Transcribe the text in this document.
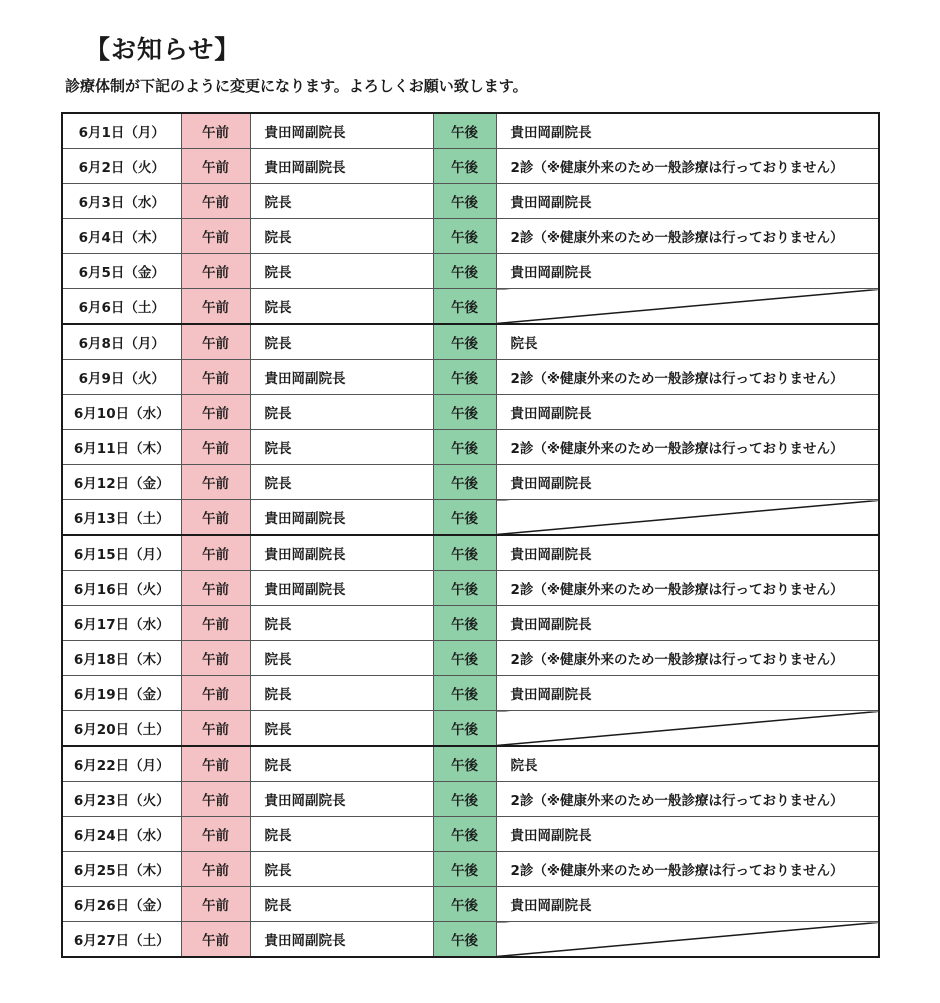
【お知らせ】
診療体制が下記のように変更になります。よろしくお願い致します。
6月1日（月）	午前	貴田岡副院長	午後	貴田岡副院長
6月2日（火）	午前	貴田岡副院長	午後	2診（※健康外来のため一般診療は行っておりません）
6月3日（水）	午前	院長	午後	貴田岡副院長
6月4日（木）	午前	院長	午後	2診（※健康外来のため一般診療は行っておりません）
6月5日（金）	午前	院長	午後	貴田岡副院長
6月6日（土）	午前	院長	午後	
6月8日（月）	午前	院長	午後	院長
6月9日（火）	午前	貴田岡副院長	午後	2診（※健康外来のため一般診療は行っておりません）
6月10日（水）	午前	院長	午後	貴田岡副院長
6月11日（木）	午前	院長	午後	2診（※健康外来のため一般診療は行っておりません）
6月12日（金）	午前	院長	午後	貴田岡副院長
6月13日（土）	午前	貴田岡副院長	午後	
6月15日（月）	午前	貴田岡副院長	午後	貴田岡副院長
6月16日（火）	午前	貴田岡副院長	午後	2診（※健康外来のため一般診療は行っておりません）
6月17日（水）	午前	院長	午後	貴田岡副院長
6月18日（木）	午前	院長	午後	2診（※健康外来のため一般診療は行っておりません）
6月19日（金）	午前	院長	午後	貴田岡副院長
6月20日（土）	午前	院長	午後	
6月22日（月）	午前	院長	午後	院長
6月23日（火）	午前	貴田岡副院長	午後	2診（※健康外来のため一般診療は行っておりません）
6月24日（水）	午前	院長	午後	貴田岡副院長
6月25日（木）	午前	院長	午後	2診（※健康外来のため一般診療は行っておりません）
6月26日（金）	午前	院長	午後	貴田岡副院長
6月27日（土）	午前	貴田岡副院長	午後	
